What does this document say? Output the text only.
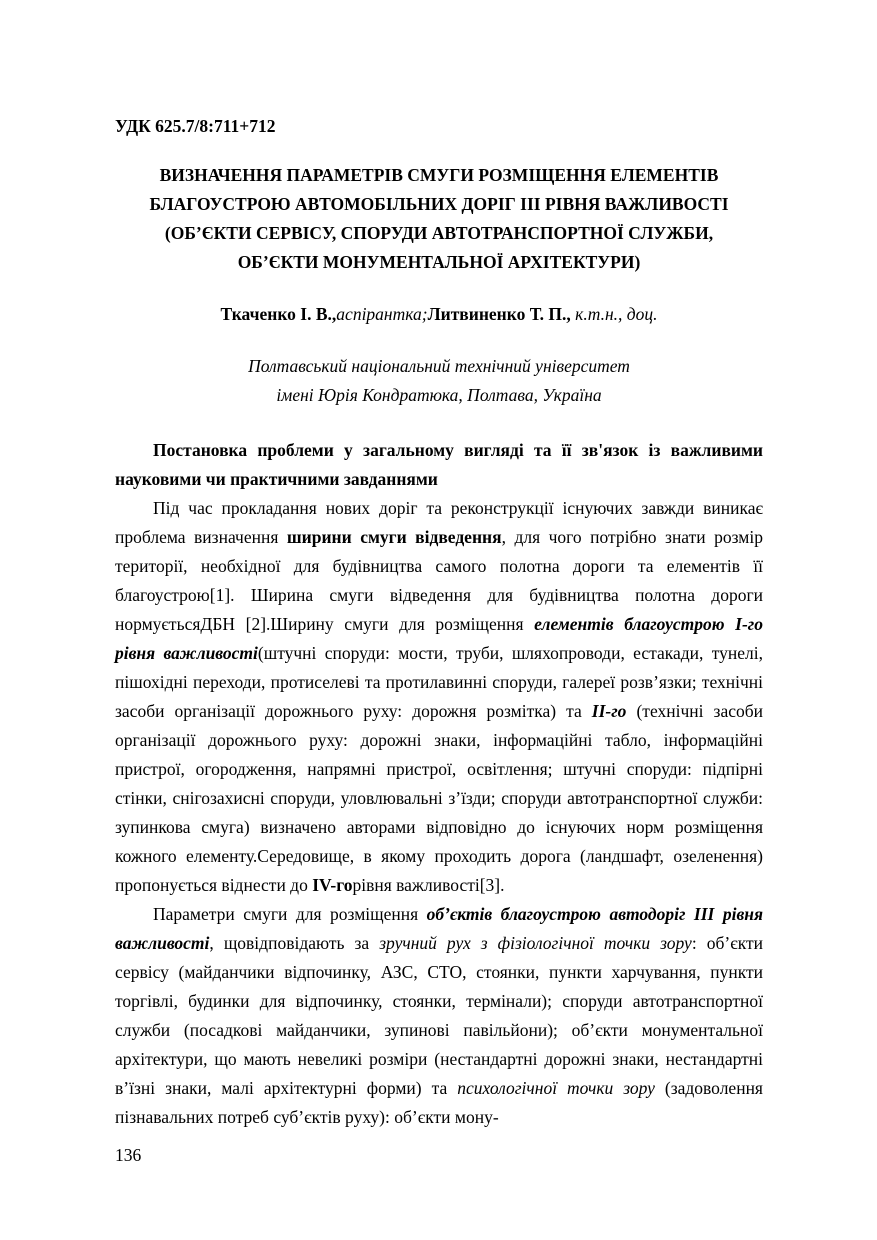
УДК 625.7/8:711+712
ВИЗНАЧЕННЯ ПАРАМЕТРІВ СМУГИ РОЗМІЩЕННЯ ЕЛЕМЕНТІВ БЛАГОУСТРОЮ АВТОМОБІЛЬНИХ ДОРІГ ІІІ РІВНЯ ВАЖЛИВОСТІ (ОБ’ЄКТИ СЕРВІСУ, СПОРУДИ АВТОТРАНСПОРТНОЇ СЛУЖБИ, ОБ’ЄКТИ МОНУМЕНТАЛЬНОЇ АРХІТЕКТУРИ)
Ткаченко І. В.,аспірантка;Литвиненко Т. П., к.т.н., доц.
Полтавський національний технічний університет
імені Юрія Кондратюка, Полтава, Україна

Постановка проблеми у загальному вигляді та її зв'язок із важливими науковими чи практичними завданнями

Під час прокладання нових доріг та реконструкції існуючих завжди виникає проблема визначення ширини смуги відведення, для чого потрібно знати розмір території, необхідної для будівництва самого полотна дороги та елементів її благоустрою[1]. Ширина смуги відведення для будівництва полотна дороги нормуєтьсяДБН [2].Ширину смуги для розміщення елементів благоустрою І-го рівня важливості(штучні споруди: мости, труби, шляхопроводи, естакади, тунелі, пішохідні переходи, протиселеві та протилавинні споруди, галереї розв’язки; технічні засоби організації дорожнього руху: дорожня розмітка) та ІІ-го (технічні засоби організації дорожнього руху: дорожні знаки, інформаційні табло, інформаційні пристрої, огородження, напрямні пристрої, освітлення; штучні споруди: підпірні стінки, снігозахисні споруди, уловлювальні з’їзди; споруди автотранспортної служби: зупинкова смуга) визначено авторами відповідно до існуючих норм розміщення кожного елементу.Середовище, в якому проходить дорога (ландшафт, озеленення) пропонується віднести до IV-горівня важливості[3].

Параметри смуги для розміщення об’єктів благоустрою автодоріг ІІІ рівня важливості, щовідповідають за зручний рух з фізіологічної точки зору: об’єкти сервісу (майданчики відпочинку, АЗС, СТО, стоянки, пункти харчування, пункти торгівлі, будинки для відпочинку, стоянки, термінали); споруди автотранспортної служби (посадкові майданчики, зупинові павільйони); об’єкти монументальної архітектури, що мають невеликі розміри (нестандартні дорожні знаки, нестандартні в’їзні знаки, малі архітектурні форми) та психологічної точки зору (задоволення пізнавальних потреб суб’єктів руху): об’єкти мону-

136
